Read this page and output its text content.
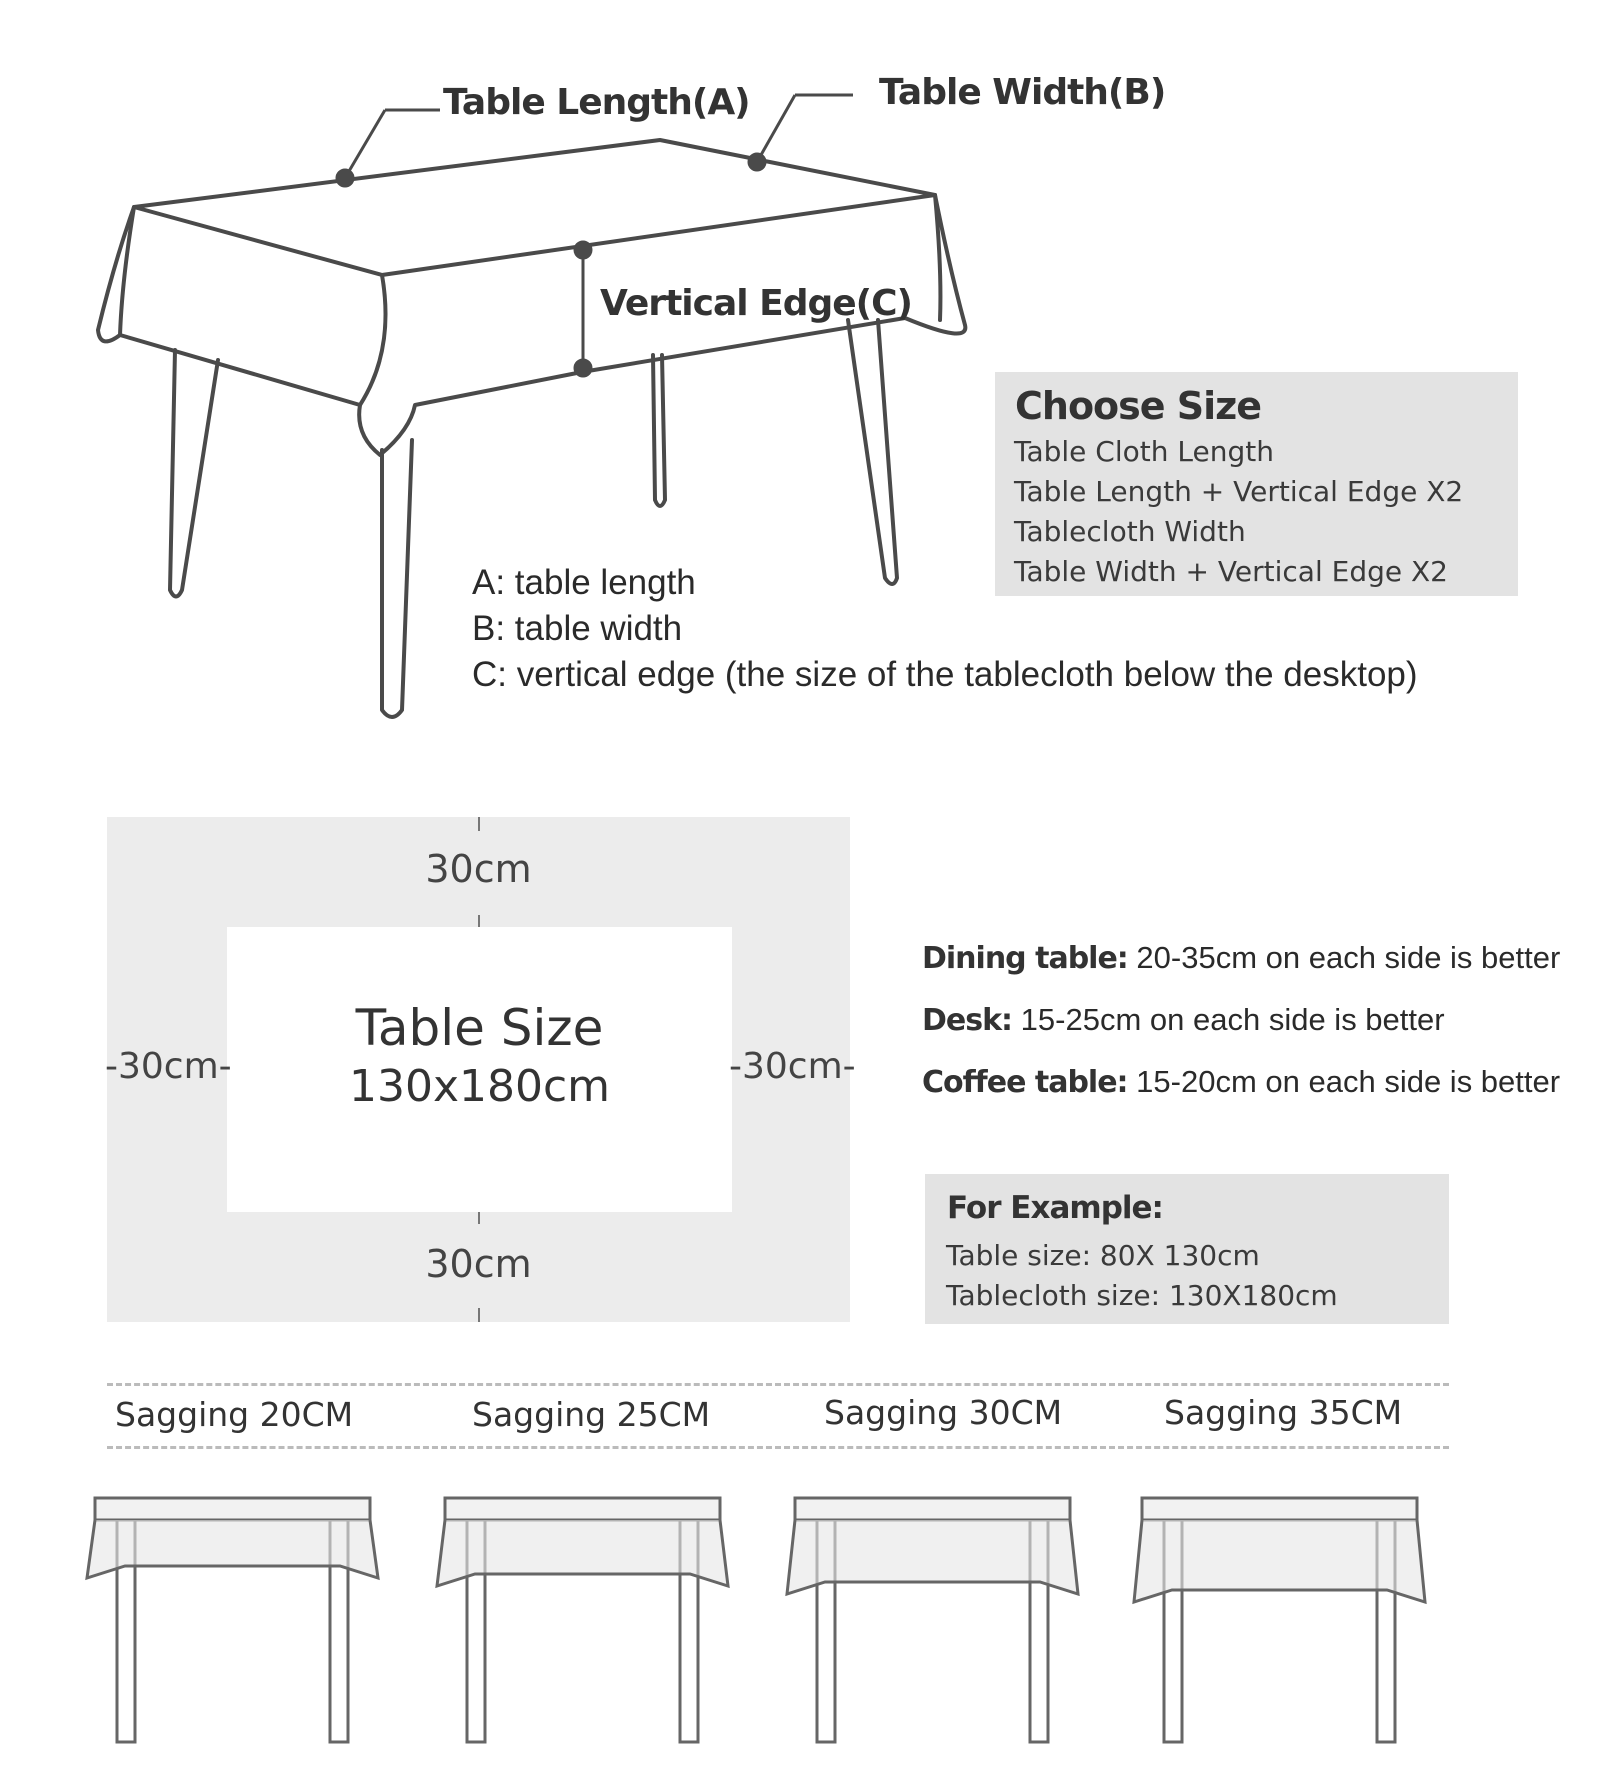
Table Length(A)	Table Width(B)
Vertical Edge(C)
A: table length
B: table width
C: vertical edge (the size of the tablecloth below the desktop)
Choose Size
Table Cloth Length
Table Length + Vertical Edge X2
Tablecloth Width
Table Width + Vertical Edge X2
Table Size
130x180cm
30cm
30cm
-30cm-	-30cm-
Dining table: 20-35cm on each side is better
Desk: 15-25cm on each side is better
Coffee table: 15-20cm on each side is better
For Example:
Table size: 80X 130cm
Tablecloth size: 130X180cm
Sagging 20CM	Sagging 25CM	Sagging 30CM	Sagging 35CM
